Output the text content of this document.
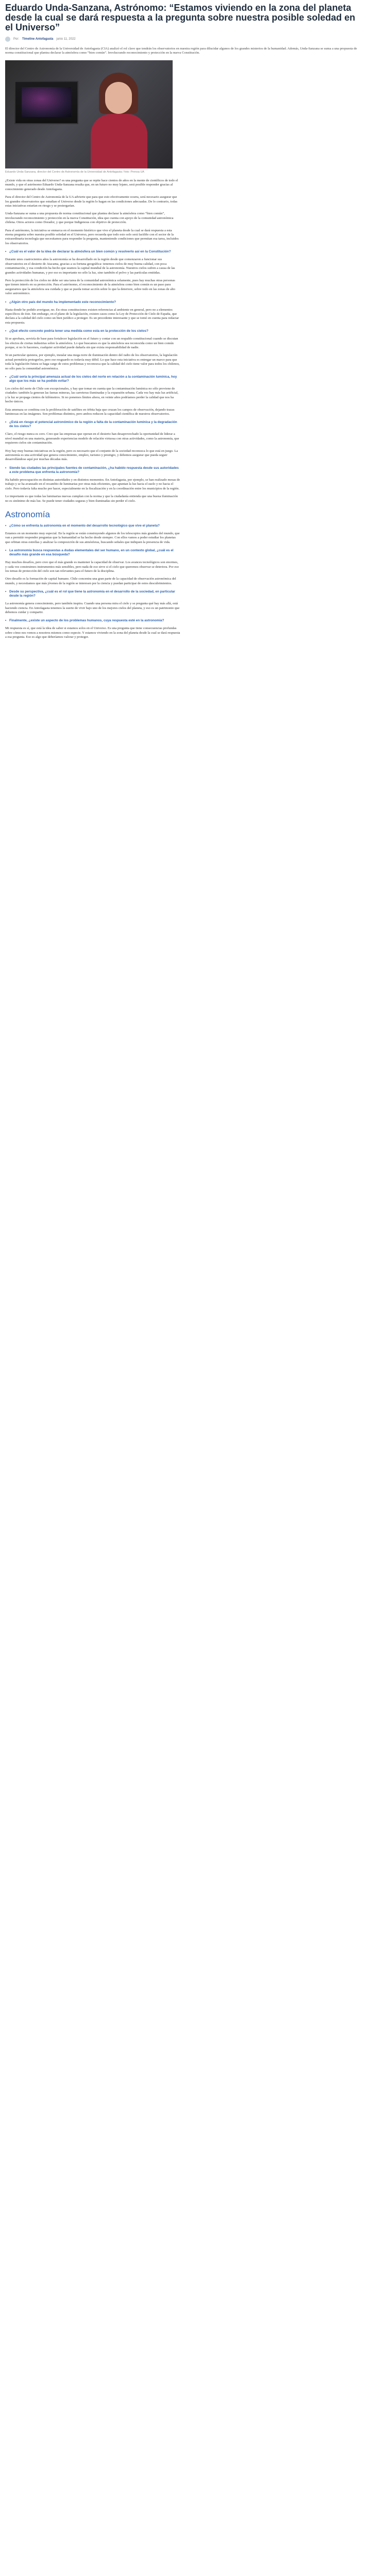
Eduardo Unda-Sanzana, Astrónomo: “Estamos viviendo en la zona del planeta desde la cual se dará respuesta a la pregunta sobre nuestra posible soledad en el Universo”
Por: Timeline Antofagasta junio 11, 2022

El director del Centro de Astronomía de la Universidad de Antofagasta (CIA) analizó el rol clave que tendrán los observatorios en nuestra región para dilucidar algunos de los grandes misterios de la humanidad. Además, Unda-Sanzana se suma a una propuesta de norma constitucional que plantea declarar la atmósfera como “bien común”. Involucrando reconocimiento y protección en la nueva Constitución.

Eduardo Unda-Sanzana, director del Centro de Astronomía de la Universidad de Antofagasta / foto: Prensa UA

¿Existe vida en otras zonas del Universo? es una pregunta que se repite hace cientos de años en la mente de científicos de todo el mundo, y que el astrónomo Eduardo Unda-Sanzana resalta que, en un futuro no muy lejano, será posible responder gracias al conocimiento generado desde Antofagasta.

Para el director del Centro de Astronomía de la UA advierte que para que esto efectivamente ocurra, será necesario asegurar que los grandes observatorios que estudian el Universo desde la región lo hagan en las condiciones adecuadas. De lo contrario, todas estas iniciativas estarían en riesgo y se postergarían.

Unda-Sanzana se suma a una propuesta de norma constitucional que plantea declarar la atmósfera como “bien común”, involucrando reconocimiento y protección en la nueva Constitución, idea que cuenta con apoyo de la comunidad astronómica chilena. Otros actores como Dorador, y que porque Indigenous con objetivo de protección.

Para el astrónomo, la iniciativa se enmarca en el momento histórico que vive el planeta desde la cual se dará respuesta a esta eterna pregunta sobre nuestra posible soledad en el Universo, pero recuerda que todo esto solo será factible con el sector de la extraordinaria tecnología que necesitamos para responder la pregunta, manteniendo condiciones que permitan esa tarea, incluidos los observatorios.

• ¿Cuál es el valor de la idea de declarar la atmósfera un bien común y resolverlo así en la Constitución?

Durante unos cuatrocientos años la astronomía se ha desarrollado en la región desde que comenzaron a funcionar sus observatorios en el desierto de Atacama, gracias a su fortuna geográfica: tenemos cielos de muy buena calidad, con poca contaminación, y esa condición ha hecho que seamos la capital mundial de la astronomía. Nuestros cielos sufren a causa de las grandes actividades humanas, y por eso es importante no sólo la luz, sino también el polvo y las partículas emitidas.

Pero la protección de los cielos no debe ser una tarea de la comunidad astronómica solamente, pues hay muchas otras personas que tienen interés en su protección. Para el astrónomo, el reconocimiento de la atmósfera como bien común es un paso para asegurarnos que la atmósfera sea cuidada y que se pueda tomar acción sobre lo que la deteriore, sobre todo en las zonas de alto valor astronómico.

• ¿Algún otro país del mundo ha implementado este reconocimiento?

Hasta donde he podido averiguar, no. En otras constituciones existen referencias al ambiente en general, pero no a elementos específicos de éste. Sin embargo, en el plano de la legislación, existen casos como la Ley de Protección de Cielo de España, que declara a la calidad del cielo como un bien jurídico a proteger. Es un precedente interesante y que se tomó en cuenta para redactar esta propuesta.

• ¿Qué efecto concreto podría tener una medida como esta en la protección de los cielos?

Si se aprobara, serviría de base para fortalecer legislación en el futuro y contar con un respaldo constitucional cuando se discutan los efectos de ciertas industrias sobre la atmósfera. Lo que buscamos es que la atmósfera sea reconocida como un bien común porque, si no lo hacemos, cualquier actividad puede dañarla sin que exista responsabilidad de nadie.

Si un particular quisiera, por ejemplo, instalar una mega torre de iluminación dentro del radio de los observatorios, la legislación actual permitiría protegerlos, pero ese resguardo es todavía muy débil. Lo que hace esta iniciativa es entregar un marco para que toda la legislación futura se haga cargo de estos problemas y reconozca que la calidad del cielo tiene valor para todos los chilenos, no sólo para la comunidad astronómica.

• ¿Cuál sería la principal amenaza actual de los cielos del norte en relación a la contaminación lumínica, hoy algo que los más se ha podido evitar?

Los cielos del norte de Chile son excepcionales, y hay que tomar en cuenta que la contaminación lumínica no sólo proviene de ciudades: también la generan las faenas mineras, las carreteras iluminadas y la expansión urbana. Cada vez hay más luz artificial, y la luz se propaga cientos de kilómetros. Si no ponemos límites ahora, en veinte años podríamos perder la calidad que nos ha hecho únicos.

Esta amenaza se combina con la proliferación de satélites en órbita baja que cruzan los campos de observación, dejando trazas luminosas en las imágenes. Son problemas distintos, pero ambos reducen la capacidad científica de nuestros observatorios.

• ¿Está en riesgo el potencial astronómico de la región a falta de la contaminación lumínica y la degradación de los cielos?

Claro, el riesgo nunca es cero. Creo que las empresas que operan en el desierto han desaprovechado la oportunidad de liderar a nivel mundial en una materia, generando experiencias modelo de relación virtuosa con otras actividades, como la astronomía, que requieren cielos sin contaminación.

Hoy hay muy buenas iniciativas en la región, pero es necesario que el conjunto de la sociedad reconozca lo que está en juego. La astronomía es una actividad que genera conocimiento, empleo, turismo y prestigio, y debemos asegurar que pueda seguir desarrollándose aquí por muchas décadas más.

• Siendo las ciudades las principales fuentes de contaminación, ¿ha habido respuesta desde sus autoridades a este problema que enfrenta la astronomía?

Ha habido preocupación en distintas autoridades y en distintos momentos. En Antofagasta, por ejemplo, se han realizado mesas de trabajo y se ha avanzado en el recambio de luminarias por otras más eficientes, que apuntan la luz hacia el suelo y no hacia el cielo. Pero todavía falta mucho por hacer, especialmente en la fiscalización y en la coordinación entre los municipios de la región.

Lo importante es que todas las luminarias nuevas cumplan con la norma y que la ciudadanía entienda que una buena iluminación no es sinónimo de más luz. Se puede tener ciudades seguras y bien iluminadas sin perder el cielo.

Astronomía

• ¿Cómo se enfrenta la astronomía en el momento del desarrollo tecnológico que vive el planeta?

Estamos en un momento muy especial. En la región se están construyendo algunos de los telescopios más grandes del mundo, que van a permitir responder preguntas que la humanidad se ha hecho desde siempre. Con ellos vamos a poder estudiar los planetas que orbitan otras estrellas y analizar la composición de sus atmósferas, buscando señales que indiquen la presencia de vida.

• La astronomía busca respuestas a dudas elementales del ser humano, en un contexto global, ¿cuál es el desafío más grande en esa búsqueda?

Hay muchos desafíos, pero creo que el más grande es mantener la capacidad de observar. Los avances tecnológicos son enormes, y cada vez construimos instrumentos más sensibles, pero nada de eso sirve si el cielo que queremos observar se deteriora. Por eso los temas de protección del cielo son tan relevantes para el futuro de la disciplina.

Otro desafío es la formación de capital humano. Chile concentra una gran parte de la capacidad de observación astronómica del mundo, y necesitamos que más jóvenes de la región se interesen por la ciencia y puedan participar de estos descubrimientos.

• Desde su perspectiva, ¿cuál es el rol que tiene la astronomía en el desarrollo de la sociedad, en particular desde la región?

La astronomía genera conocimiento, pero también inspira. Cuando una persona mira el cielo y se pregunta qué hay más allá, está haciendo ciencia. En Antofagasta tenemos la suerte de vivir bajo uno de los mejores cielos del planeta, y eso es un patrimonio que debemos cuidar y compartir.

• Finalmente, ¿existe un aspecto de los problemas humanos, cuya respuesta esté en la astronomía?

Mi respuesta es sí, que está la idea de saber si estamos solos en el Universo. Es una pregunta que tiene consecuencias profundas sobre cómo nos vemos a nosotros mismos como especie. Y estamos viviendo en la zona del planeta desde la cual se dará respuesta a esa pregunta. Eso es algo que deberíamos valorar y proteger.
